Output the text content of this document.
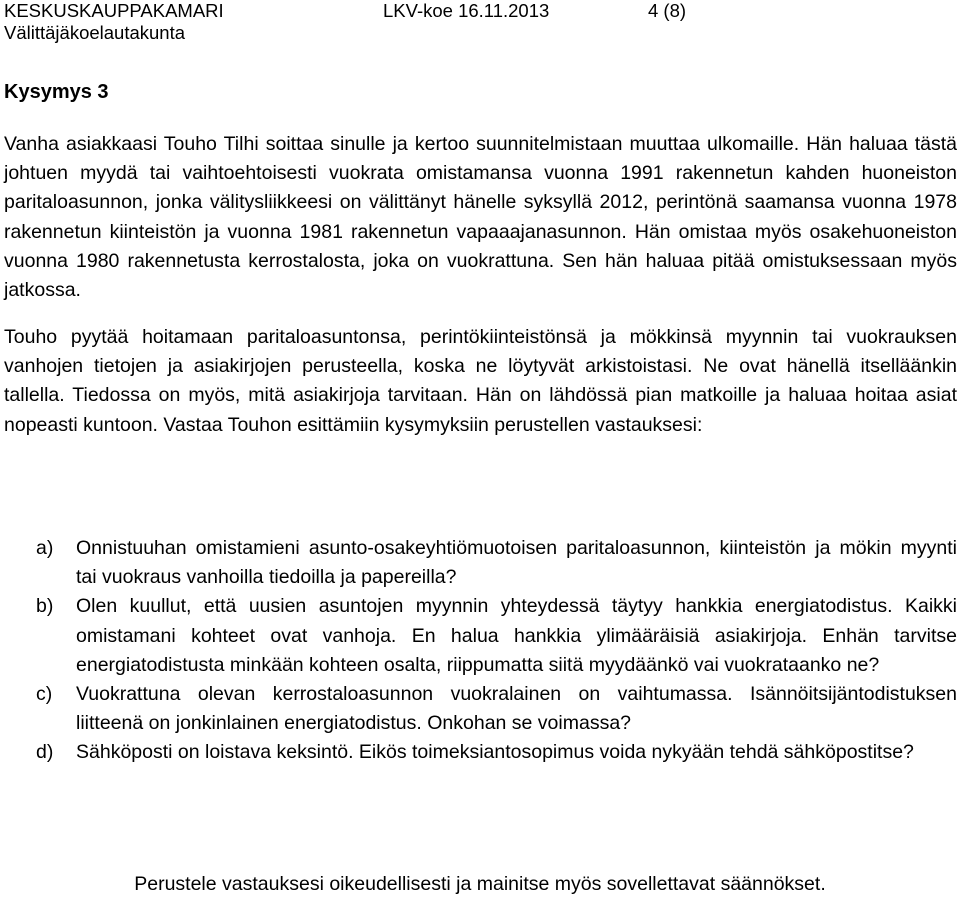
KESKUSKAUPPAKAMARI	LKV-koe 16.11.2013	4 (8)
Välittäjäkoelautakunta
Kysymys 3

Vanha asiakkaasi Touho Tilhi soittaa sinulle ja kertoo suunnitelmistaan muuttaa ulkomaille. Hän haluaa tästä johtuen myydä tai vaihtoehtoisesti vuokrata omistamansa vuonna 1991 rakennetun kahden huoneiston paritaloasunnon, jonka välitysliikkeesi on välittänyt hänelle syksyllä 2012, perintönä saamansa vuonna 1978 rakennetun kiinteistön ja vuonna 1981 rakennetun vapaaajanasunnon. Hän omistaa myös osakehuoneiston vuonna 1980 rakennetusta kerrostalosta, joka on vuokrattuna. Sen hän haluaa pitää omistuksessaan myös jatkossa.

Touho pyytää hoitamaan paritaloasuntonsa, perintökiinteistönsä ja mökkinsä myynnin tai vuokrauksen vanhojen tietojen ja asiakirjojen perusteella, koska ne löytyvät arkistoistasi. Ne ovat hänellä itselläänkin tallella. Tiedossa on myös, mitä asiakirjoja tarvitaan. Hän on lähdössä pian matkoille ja haluaa hoitaa asiat nopeasti kuntoon. Vastaa Touhon esittämiin kysymyksiin perustellen vastauksesi:

a) Onnistuuhan omistamieni asunto-osakeyhtiömuotoisen paritaloasunnon, kiinteistön ja mökin myynti tai vuokraus vanhoilla tiedoilla ja papereilla?
b) Olen kuullut, että uusien asuntojen myynnin yhteydessä täytyy hankkia energiatodistus. Kaikki omistamani kohteet ovat vanhoja. En halua hankkia ylimääräisiä asiakirjoja. Enhän tarvitse energiatodistusta minkään kohteen osalta, riippumatta siitä myydäänkö vai vuokrataanko ne?
c) Vuokrattuna olevan kerrostaloasunnon vuokralainen on vaihtumassa. Isännöitsijäntodistuksen liitteenä on jonkinlainen energiatodistus. Onkohan se voimassa?
d) Sähköposti on loistava keksintö. Eikös toimeksiantosopimus voida nykyään tehdä sähköpostitse?
Perustele vastauksesi oikeudellisesti ja mainitse myös sovellettavat säännökset.
